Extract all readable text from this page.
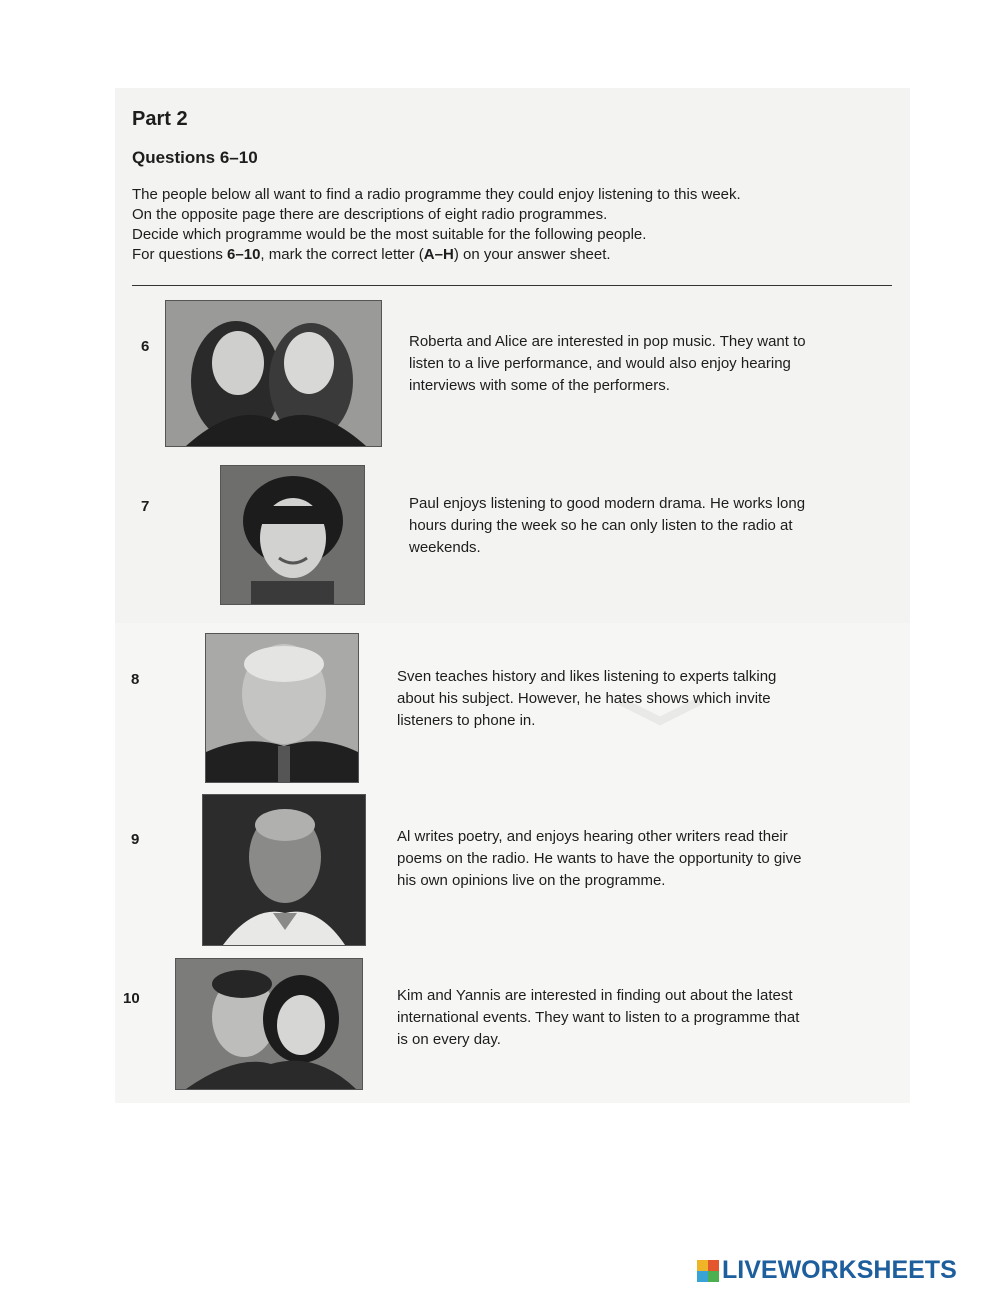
Part 2
Questions 6–10

The people below all want to find a radio programme they could enjoy listening to this week.

On the opposite page there are descriptions of eight radio programmes.

Decide which programme would be the most suitable for the following people.

For questions 6–10, mark the correct letter (A–H) on your answer sheet.

6	Roberta and Alice are interested in pop music. They want to

listen to a live performance, and would also enjoy hearing

interviews with some of the performers.

7	Paul enjoys listening to good modern drama. He works long

hours during the week so he can only listen to the radio at

weekends.

8	Sven teaches history and likes listening to experts talking

about his subject. However, he hates shows which invite

listeners to phone in.

9	Al writes poetry, and enjoys hearing other writers read their

poems on the radio. He wants to have the opportunity to give

his own opinions live on the programme.

10	Kim and Yannis are interested in finding out about the latest

international events. They want to listen to a programme that

is on every day.

LIVEWORKSHEETS
